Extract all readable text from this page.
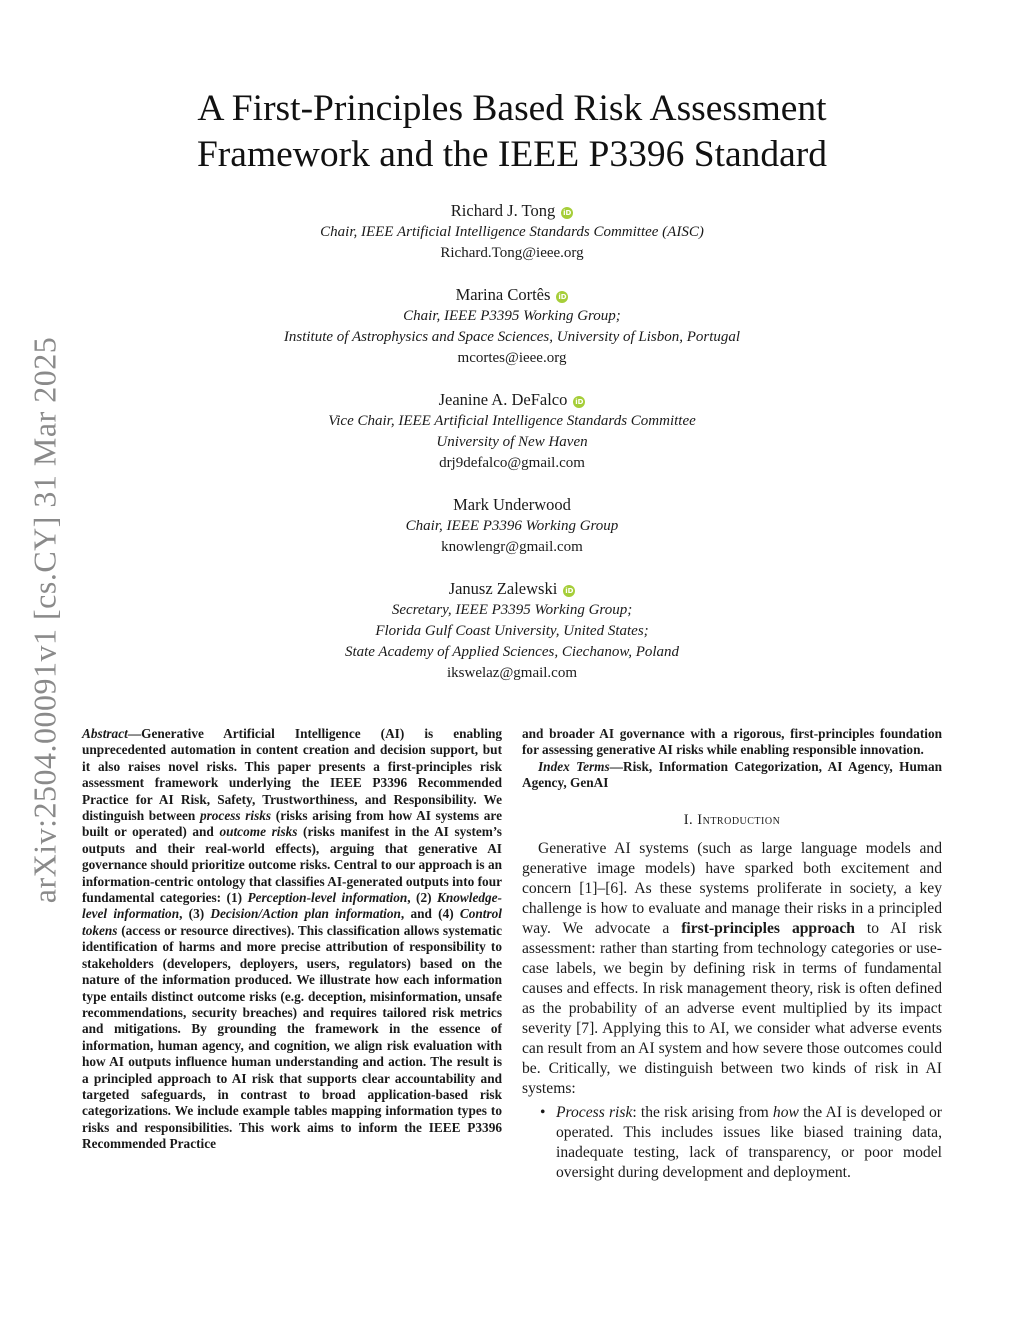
arXiv:2504.00091v1 [cs.CY] 31 Mar 2025
A First-Principles Based Risk Assessment
Framework and the IEEE P3396 Standard
Richard J. Tong iD
Chair, IEEE Artificial Intelligence Standards Committee (AISC)
Richard.Tong@ieee.org
Marina Cortês iD
Chair, IEEE P3395 Working Group;
Institute of Astrophysics and Space Sciences, University of Lisbon, Portugal
mcortes@ieee.org
Jeanine A. DeFalco iD
Vice Chair, IEEE Artificial Intelligence Standards Committee
University of New Haven
drj9defalco@gmail.com
Mark Underwood
Chair, IEEE P3396 Working Group
knowlengr@gmail.com
Janusz Zalewski iD
Secretary, IEEE P3395 Working Group;
Florida Gulf Coast University, United States;
State Academy of Applied Sciences, Ciechanow, Poland
ikswelaz@gmail.com

Abstract—Generative Artificial Intelligence (AI) is enabling unprecedented automation in content creation and decision support, but it also raises novel risks. This paper presents a first-principles risk assessment framework underlying the IEEE P3396 Recommended Practice for AI Risk, Safety, Trustworthiness, and Responsibility. We distinguish between process risks (risks arising from how AI systems are built or operated) and outcome risks (risks manifest in the AI system’s outputs and their real-world effects), arguing that generative AI governance should prioritize outcome risks. Central to our approach is an information-centric ontology that classifies AI-generated outputs into four fundamental categories: (1) Perception-level information, (2) Knowledge-level information, (3) Decision/Action plan information, and (4) Control tokens (access or resource directives). This classification allows systematic identification of harms and more precise attribution of responsibility to stakeholders (developers, deployers, users, regulators) based on the nature of the information produced. We illustrate how each information type entails distinct outcome risks (e.g. deception, misinformation, unsafe recommendations, security breaches) and requires tailored risk metrics and mitigations. By grounding the framework in the essence of information, human agency, and cognition, we align risk evaluation with how AI outputs influence human understanding and action. The result is a principled approach to AI risk that supports clear accountability and targeted safeguards, in contrast to broad application-based risk categorizations. We include example tables mapping information types to risks and responsibilities. This work aims to inform the IEEE P3396 Recommended Practice

and broader AI governance with a rigorous, first-principles foundation for assessing generative AI risks while enabling responsible innovation.

Index Terms—Risk, Information Categorization, AI Agency, Human Agency, GenAI

I. Introduction

Generative AI systems (such as large language models and generative image models) have sparked both excitement and concern [1]–[6]. As these systems proliferate in society, a key challenge is how to evaluate and manage their risks in a principled way. We advocate a first-principles approach to AI risk assessment: rather than starting from technology categories or use-case labels, we begin by defining risk in terms of fundamental causes and effects. In risk management theory, risk is often defined as the probability of an adverse event multiplied by its impact severity [7]. Applying this to AI, we consider what adverse events can result from an AI system and how severe those outcomes could be. Critically, we distinguish between two kinds of risk in AI systems:

• Process risk: the risk arising from how the AI is developed or operated. This includes issues like biased training data, inadequate testing, lack of transparency, or poor model oversight during development and deployment.
